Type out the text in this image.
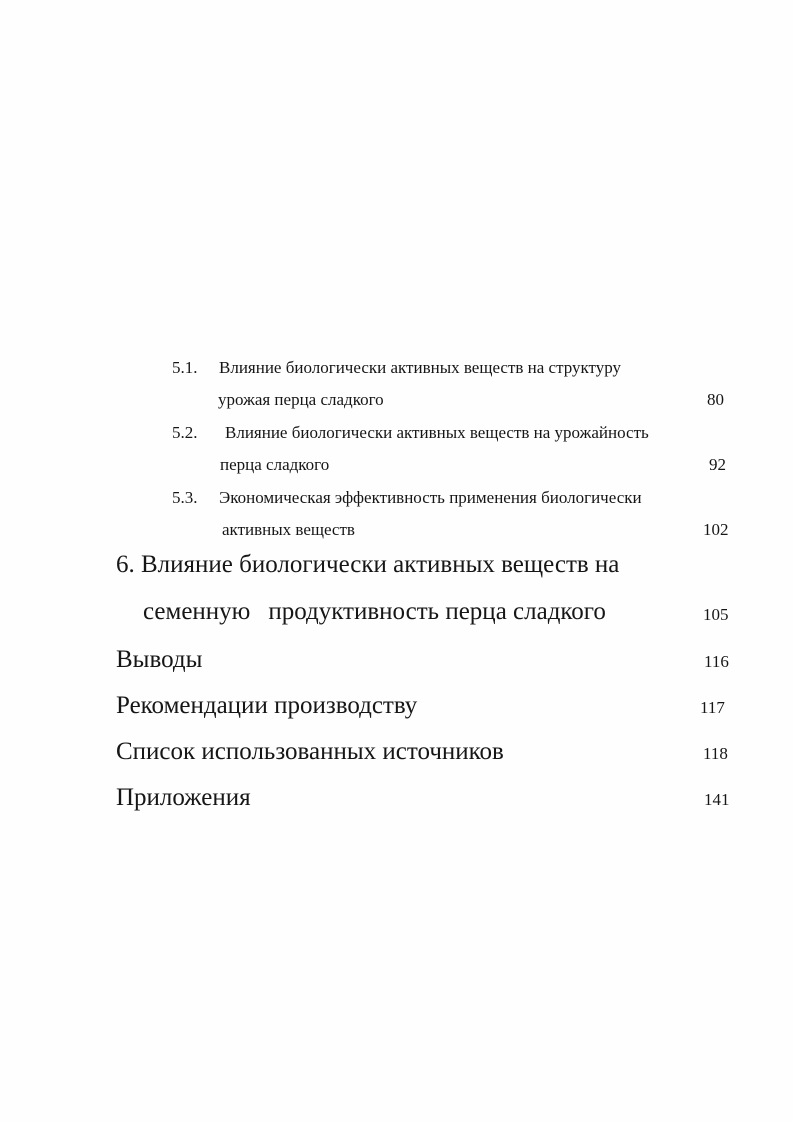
5.1. Влияние биологически активных веществ на структуру
урожая перца сладкого	80
5.2. Влияние биологически активных веществ на урожайность
перца сладкого	92
5.3. Экономическая эффективность применения биологически
активных веществ	102
6. Влияние биологически активных веществ на
семенную продуктивность перца сладкого	105
Выводы	116
Рекомендации производству	117
Список использованных источников	118
Приложения	141
